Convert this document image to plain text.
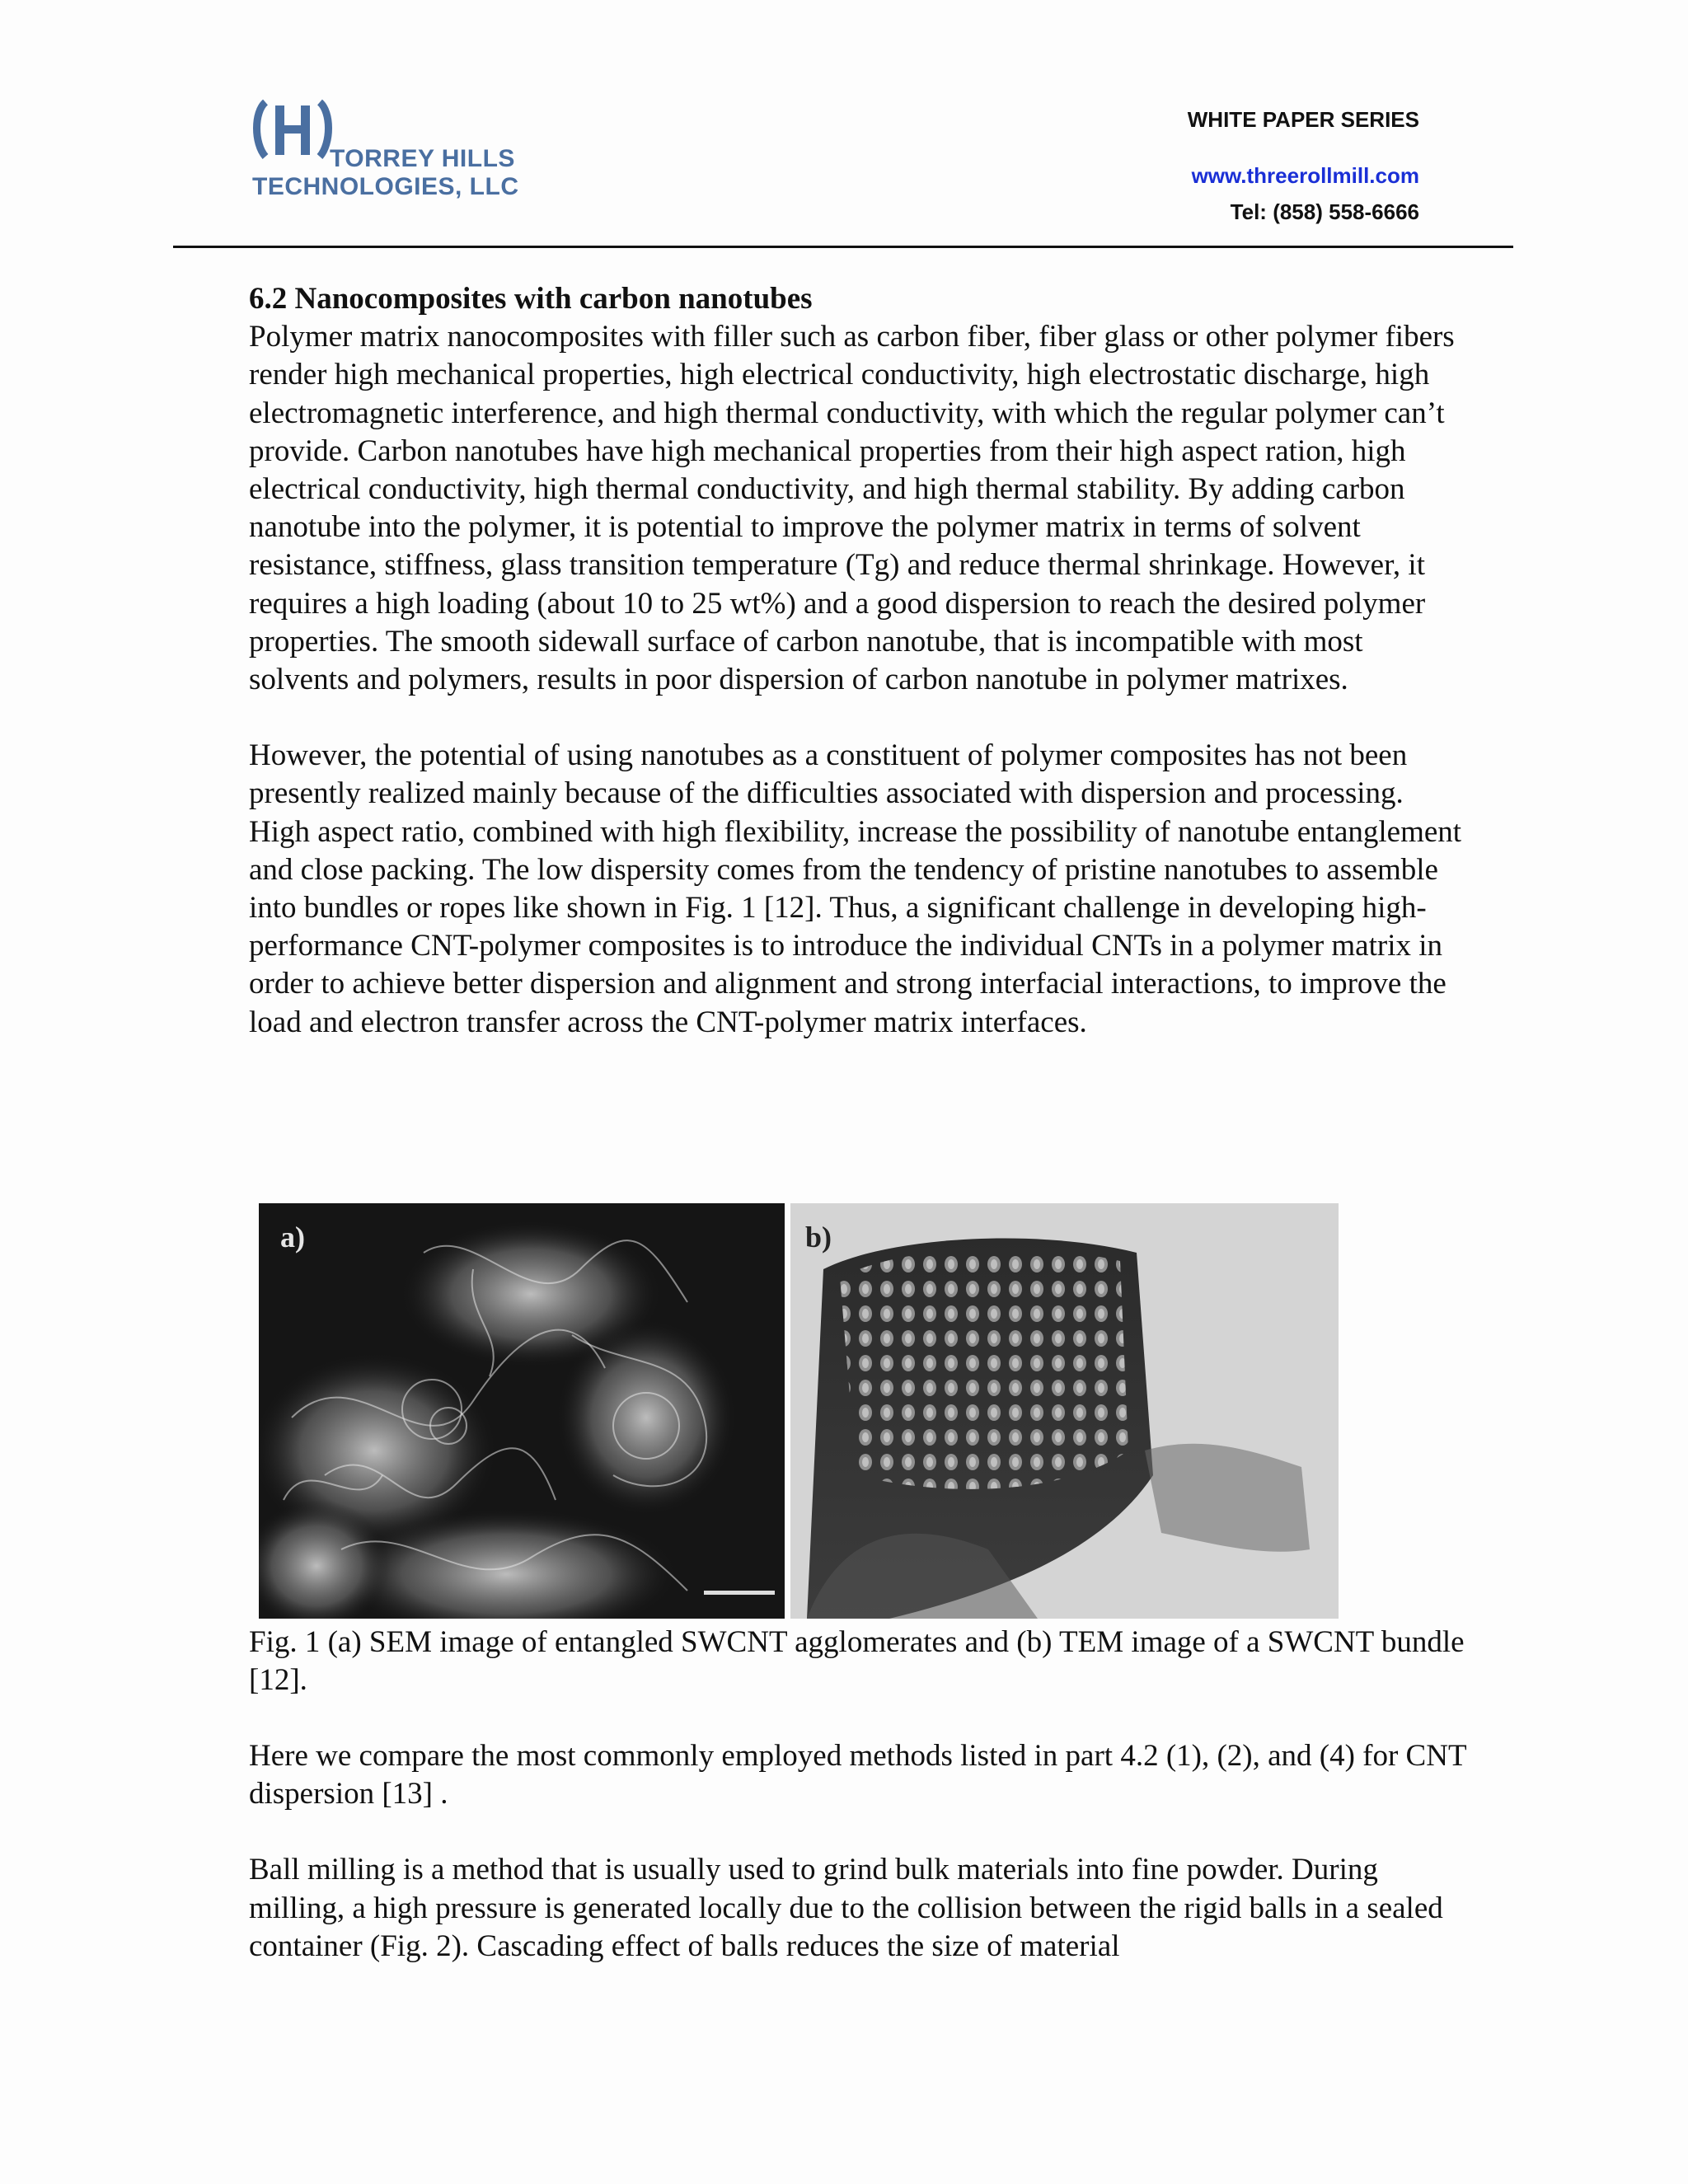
TORREY HILLS
TECHNOLOGIES, LLC
WHITE PAPER SERIES
www.threerollmill.com
Tel: (858) 558-6666

6.2 Nanocomposites with carbon nanotubes

Polymer matrix nanocomposites with filler such as carbon fiber, fiber glass or other polymer fibers render high mechanical properties, high electrical conductivity, high electrostatic discharge, high electromagnetic interference, and high thermal conductivity, with which the regular polymer can’t provide. Carbon nanotubes have high mechanical properties from their high aspect ration, high electrical conductivity, high thermal conductivity, and high thermal stability. By adding carbon nanotube into the polymer, it is potential to improve the polymer matrix in terms of solvent resistance, stiffness, glass transition temperature (Tg) and reduce thermal shrinkage. However, it requires a high loading (about 10 to 25 wt%) and a good dispersion to reach the desired polymer properties. The smooth sidewall surface of carbon nanotube, that is incompatible with most solvents and polymers, results in poor dispersion of carbon nanotube in polymer matrixes.

However, the potential of using nanotubes as a constituent of polymer composites has not been presently realized mainly because of the difficulties associated with dispersion and processing. High aspect ratio, combined with high flexibility, increase the possibility of nanotube entanglement and close packing. The low dispersity comes from the tendency of pristine nanotubes to assemble into bundles or ropes like shown in Fig. 1 [12]. Thus, a significant challenge in developing high-performance CNT-polymer composites is to introduce the individual CNTs in a polymer matrix in order to achieve better dispersion and alignment and strong interfacial interactions, to improve the load and electron transfer across the CNT-polymer matrix interfaces.

a)	b)
Fig. 1 (a) SEM image of entangled SWCNT agglomerates and (b) TEM image of a SWCNT bundle [12].

Here we compare the most commonly employed methods listed in part 4.2 (1), (2), and (4) for CNT dispersion [13] .

Ball milling is a method that is usually used to grind bulk materials into fine powder. During milling, a high pressure is generated locally due to the collision between the rigid balls in a sealed container (Fig. 2). Cascading effect of balls reduces the size of material
